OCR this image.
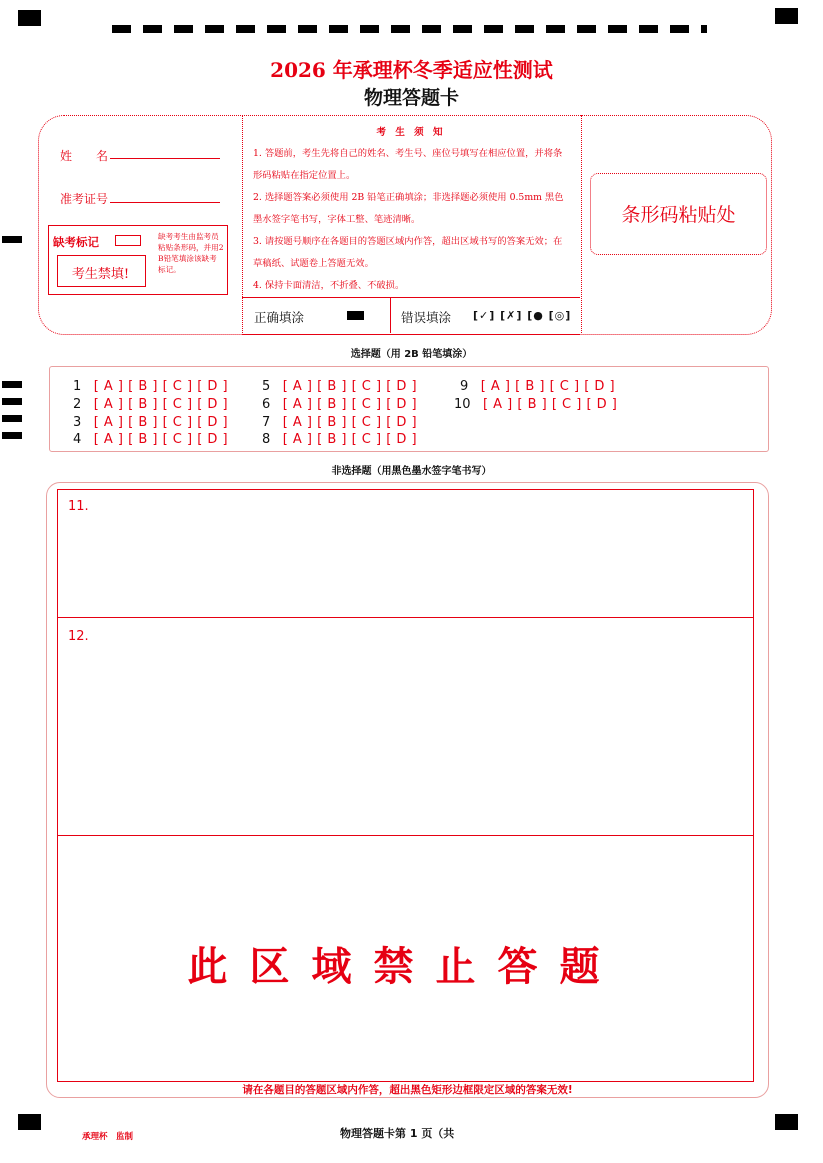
2026 年承理杯冬季适应性测试
物理答题卡
姓　　名
准考证号
缺考标记	缺考考生由监考员粘贴条形码，并用2B铅笔填涂该缺考标记。
考生禁填!
考 生 须 知
1. 答题前，考生先将自己的姓名、考生号、座位号填写在相应位置，并将条形码粘贴在指定位置上。
2. 选择题答案必须使用 2B 铅笔正确填涂；非选择题必须使用 0.5mm 黑色墨水签字笔书写，字体工整、笔迹清晰。
3. 请按题号顺序在各题目的答题区域内作答，超出区域书写的答案无效；在草稿纸、试题卷上答题无效。
4. 保持卡面清洁，不折叠、不破损。
正确填涂	错误填涂 [✓] [✗] [● [◎]
条形码粘贴处
选择题（用 2B 铅笔填涂）
1 [ A ] [ B ] [ C ] [ D ]
2 [ A ] [ B ] [ C ] [ D ]
3 [ A ] [ B ] [ C ] [ D ]
4 [ A ] [ B ] [ C ] [ D ]
5 [ A ] [ B ] [ C ] [ D ]
6 [ A ] [ B ] [ C ] [ D ]
7 [ A ] [ B ] [ C ] [ D ]
8 [ A ] [ B ] [ C ] [ D ]
9 [ A ] [ B ] [ C ] [ D ]
10 [ A ] [ B ] [ C ] [ D ]
非选择题（用黑色墨水签字笔书写）
11.
12.
此区域禁止答题
请在各题目的答题区域内作答，超出黑色矩形边框限定区域的答案无效!
承理杯　监制	物理答题卡第 1 页（共
